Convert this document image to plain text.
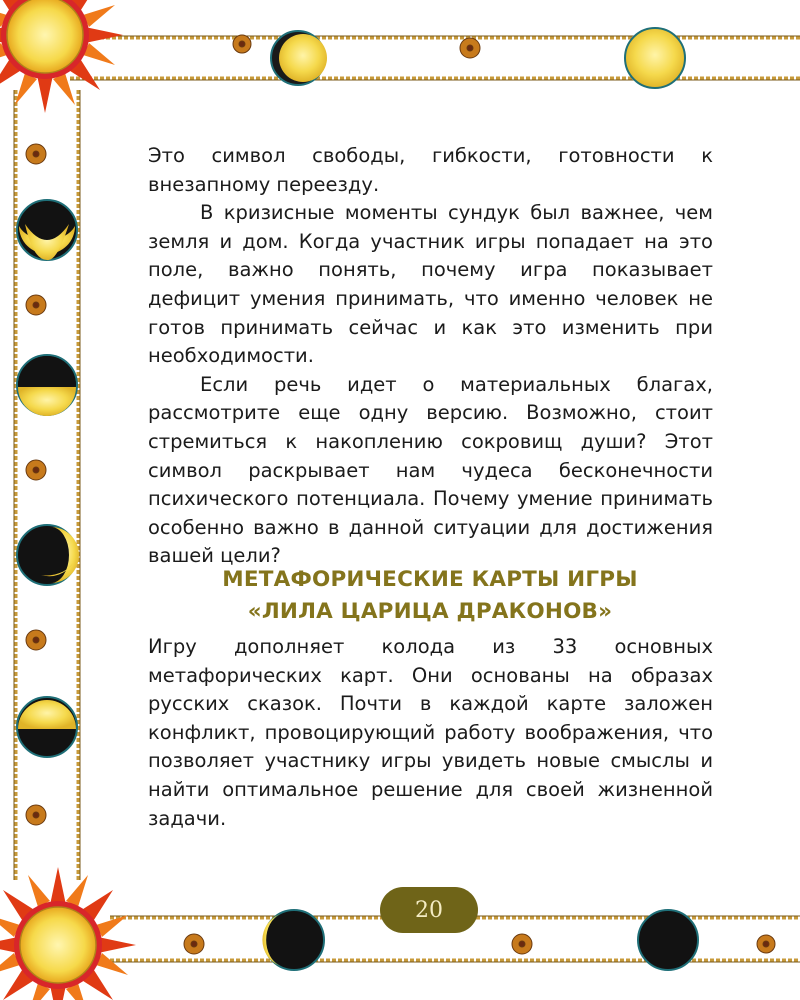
Это символ свободы, гибкости, готовности к внезапному переезду.

В кризисные моменты сундук был важнее, чем земля и дом. Когда участник игры попадает на это поле, важно понять, почему игра показывает дефицит умения принимать, что именно человек не готов принимать сейчас и как это изменить при необходимости.

Если речь идет о материальных благах, рассмотрите еще одну версию. Возможно, стоит стремиться к накоплению сокровищ души? Этот символ раскрывает нам чудеса бесконечности психического потенциала. Почему умение принимать особенно важно в данной ситуации для достижения вашей цели?

МЕТАФОРИЧЕСКИЕ КАРТЫ ИГРЫ
«ЛИЛА ЦАРИЦА ДРАКОНОВ»

Игру дополняет колода из 33 основных метафорических карт. Они основаны на образах русских сказок. Почти в каждой карте заложен конфликт, провоцирующий работу воображения, что позволяет участнику игры увидеть новые смыслы и найти оптимальное решение для своей жизненной задачи.

20
